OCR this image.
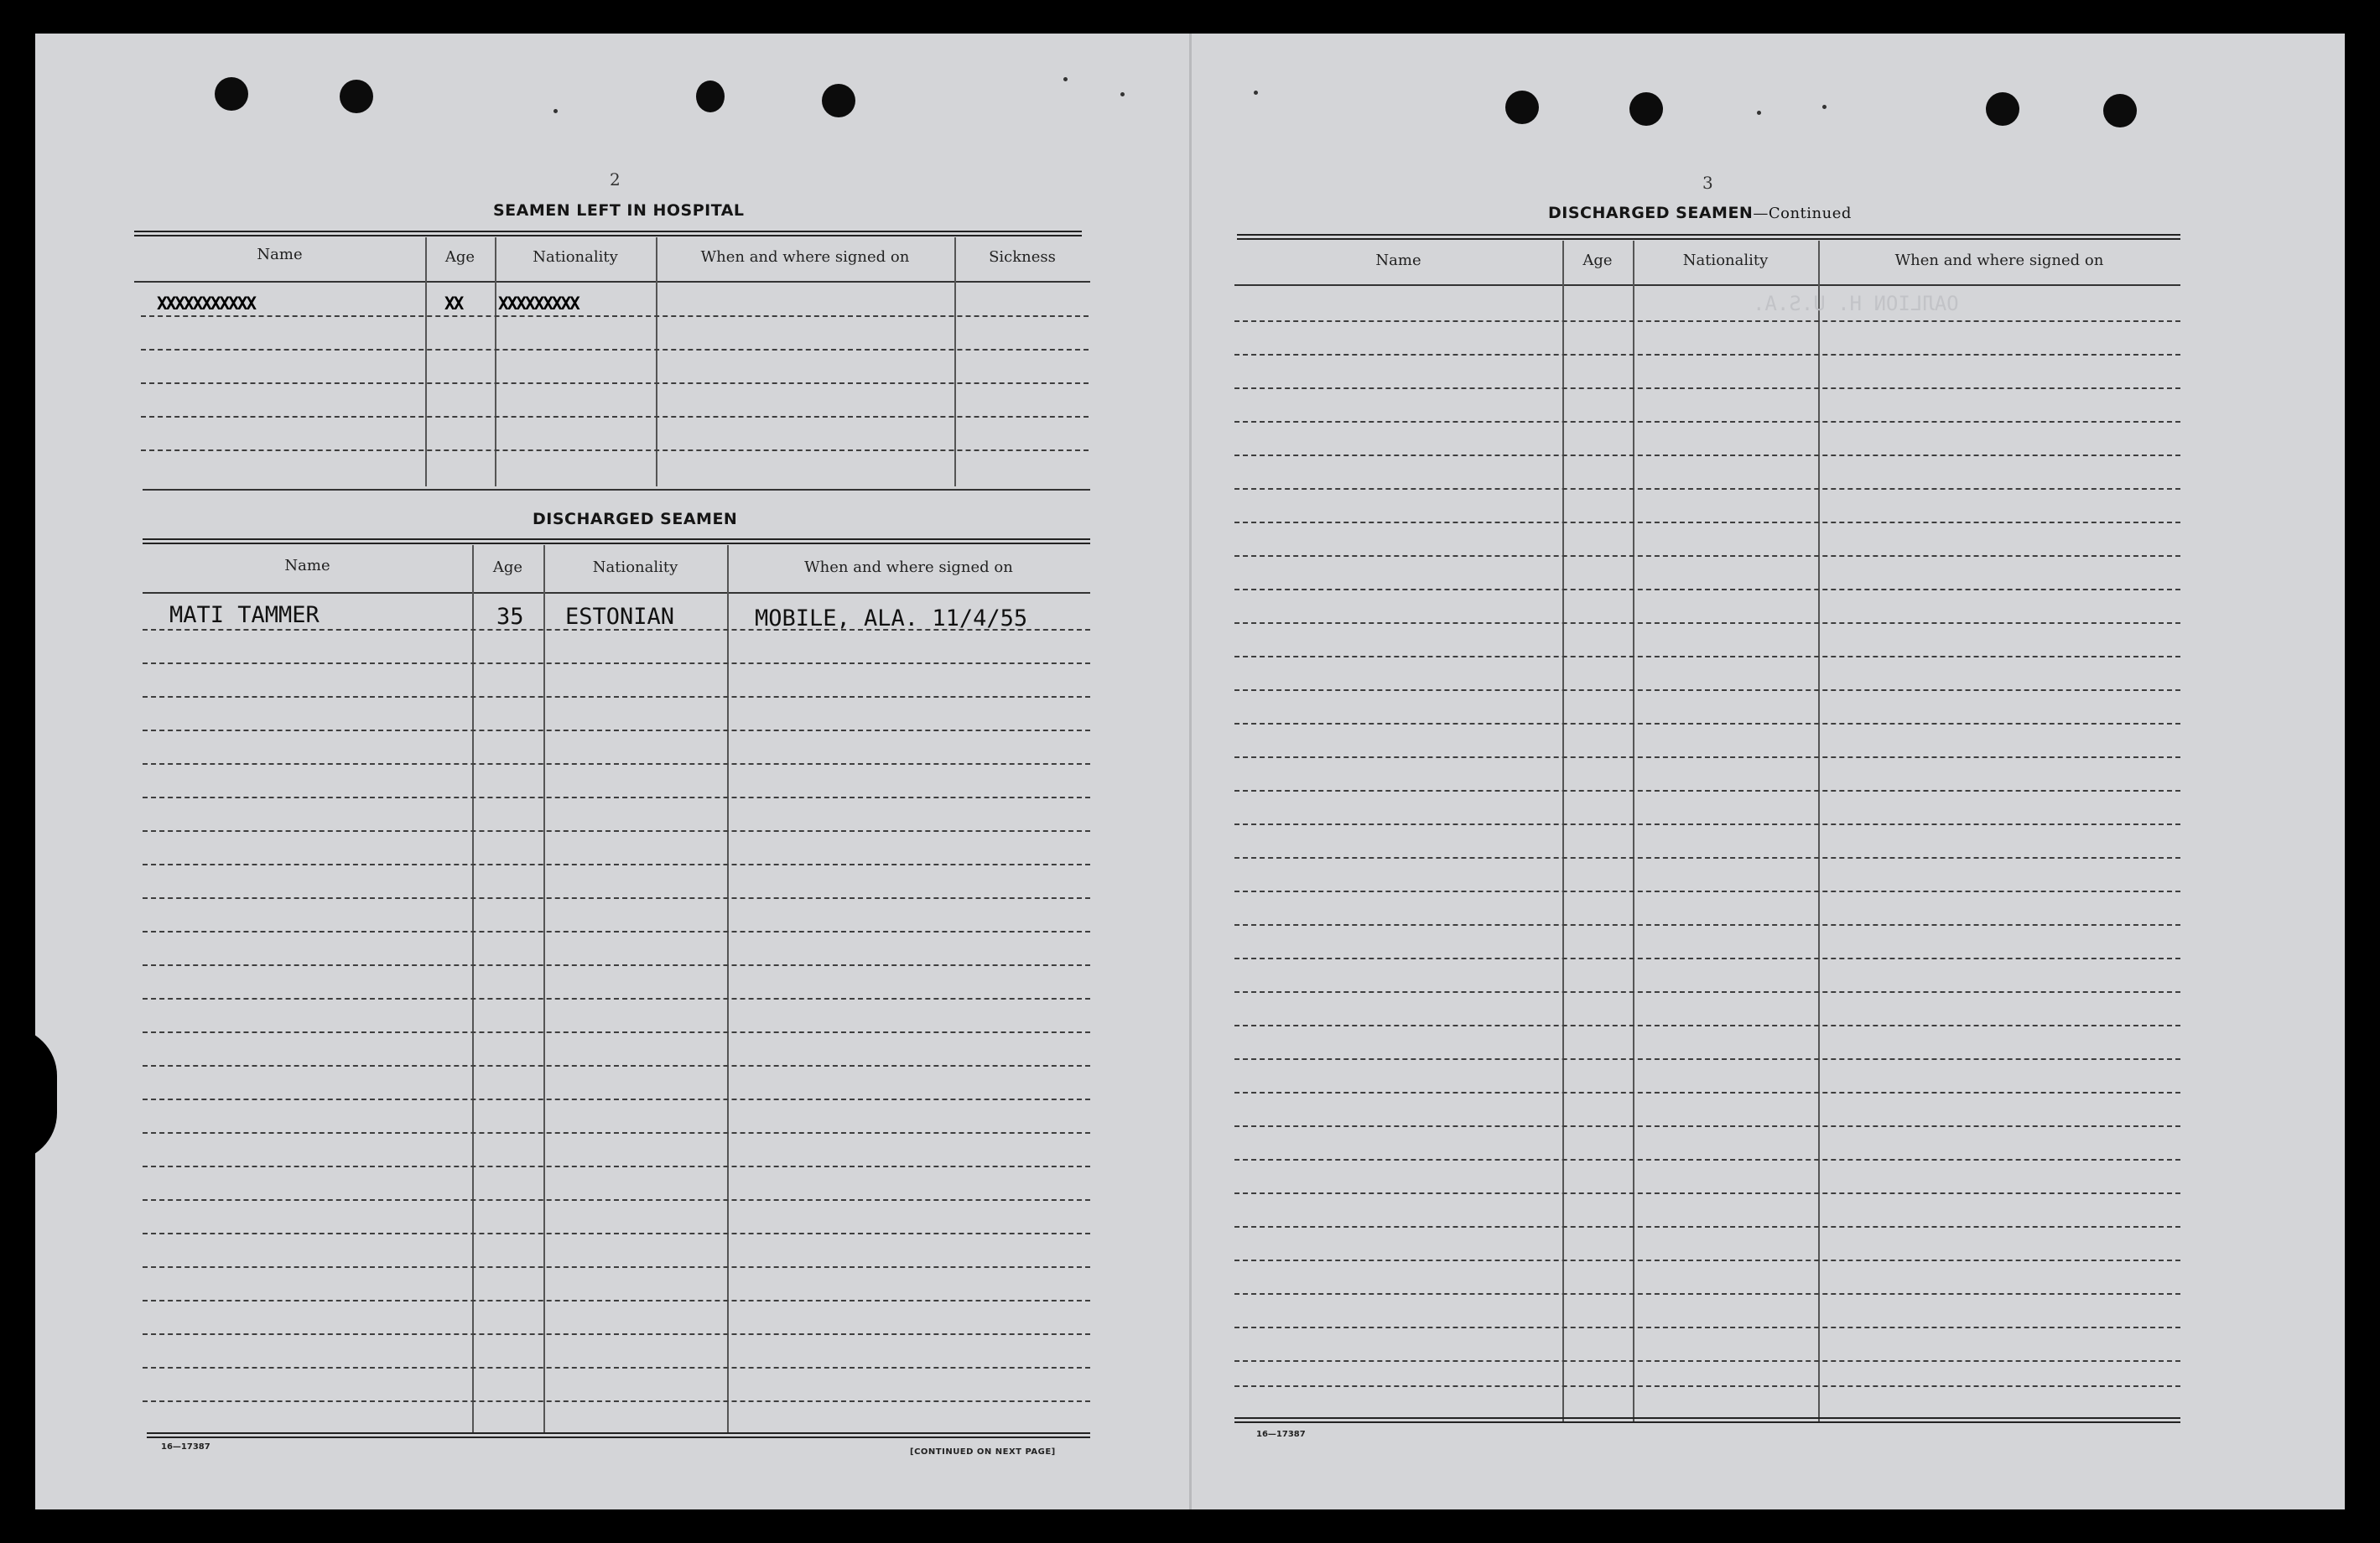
2
SEAMEN LEFT IN HOSPITAL
Name	Age	Nationality	When and where signed on	Sickness
XXXXXXXXXXX	XX XXXXXXXXX
DISCHARGED SEAMEN
Name	Age	Nationality	When and where signed on
MATI TAMMER	35 ESTONIAN	MOBILE, ALA. 11/4/55
16—17387
[CONTINUED ON NEXT PAGE]
3
DISCHARGED SEAMEN—Continued
Name	Age	Nationality	When and where signed on
ОАЛLIОN H. U.S.A.
16—17387
